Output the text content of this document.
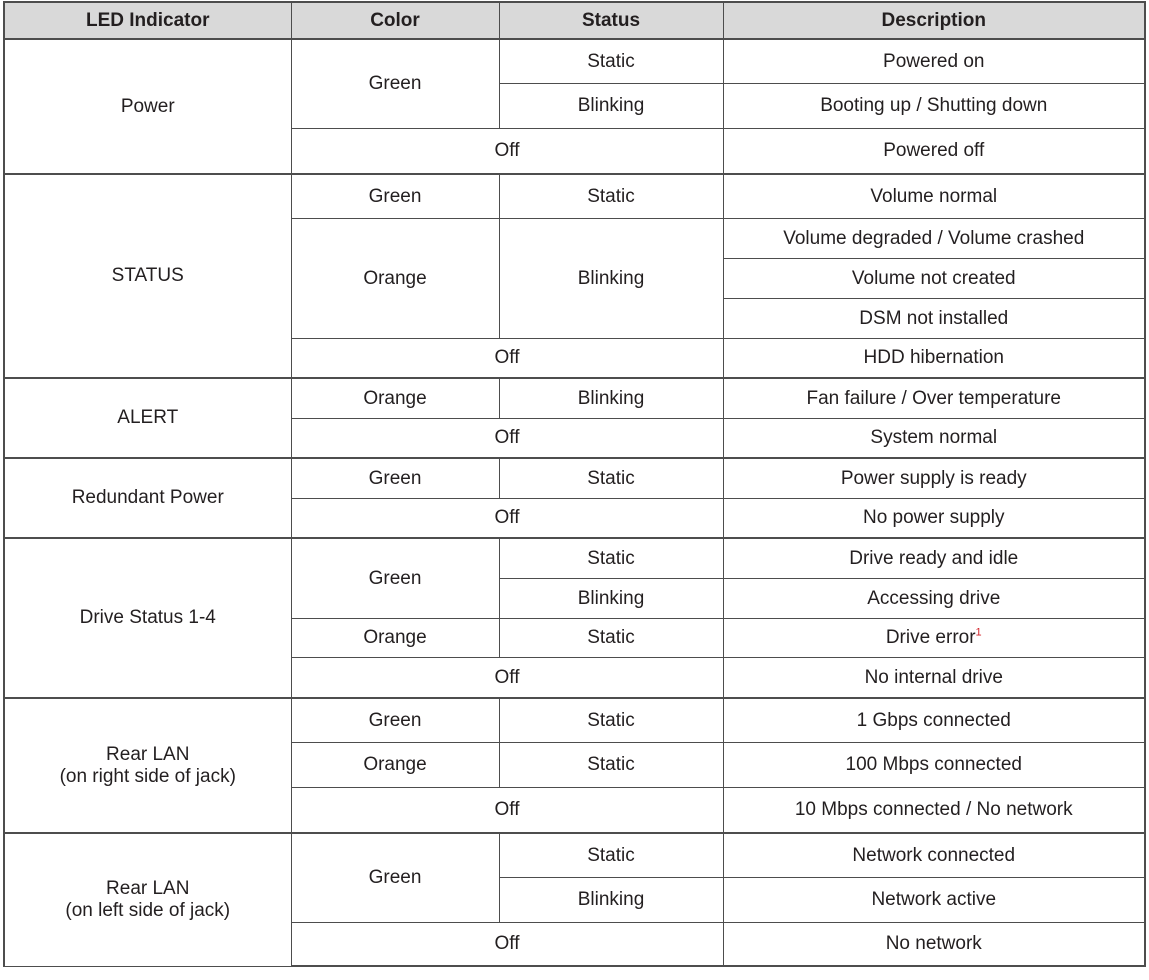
LED Indicator	Color	Status	Description
Power	Green	Static	Powered on
		Blinking	Booting up / Shutting down
	Off		Powered off
STATUS	Green	Static	Volume normal
	Orange	Blinking	Volume degraded / Volume crashed
			Volume not created
			DSM not installed
	Off		HDD hibernation
ALERT	Orange	Blinking	Fan failure / Over temperature
	Off		System normal
Redundant Power	Green	Static	Power supply is ready
	Off		No power supply
Drive Status 1-4	Green	Static	Drive ready and idle
		Blinking	Accessing drive
	Orange	Static	Drive error$^1$
	Off		No internal drive

Rear LAN
(on right side of jack)	Green	Static	1 Gbps connected
	Orange	Static	100 Mbps connected
	Off		10 Mbps connected / No network

Rear LAN
(on left side of jack)	Green	Static	Network connected
		Blinking	Network active
	Off		No network
